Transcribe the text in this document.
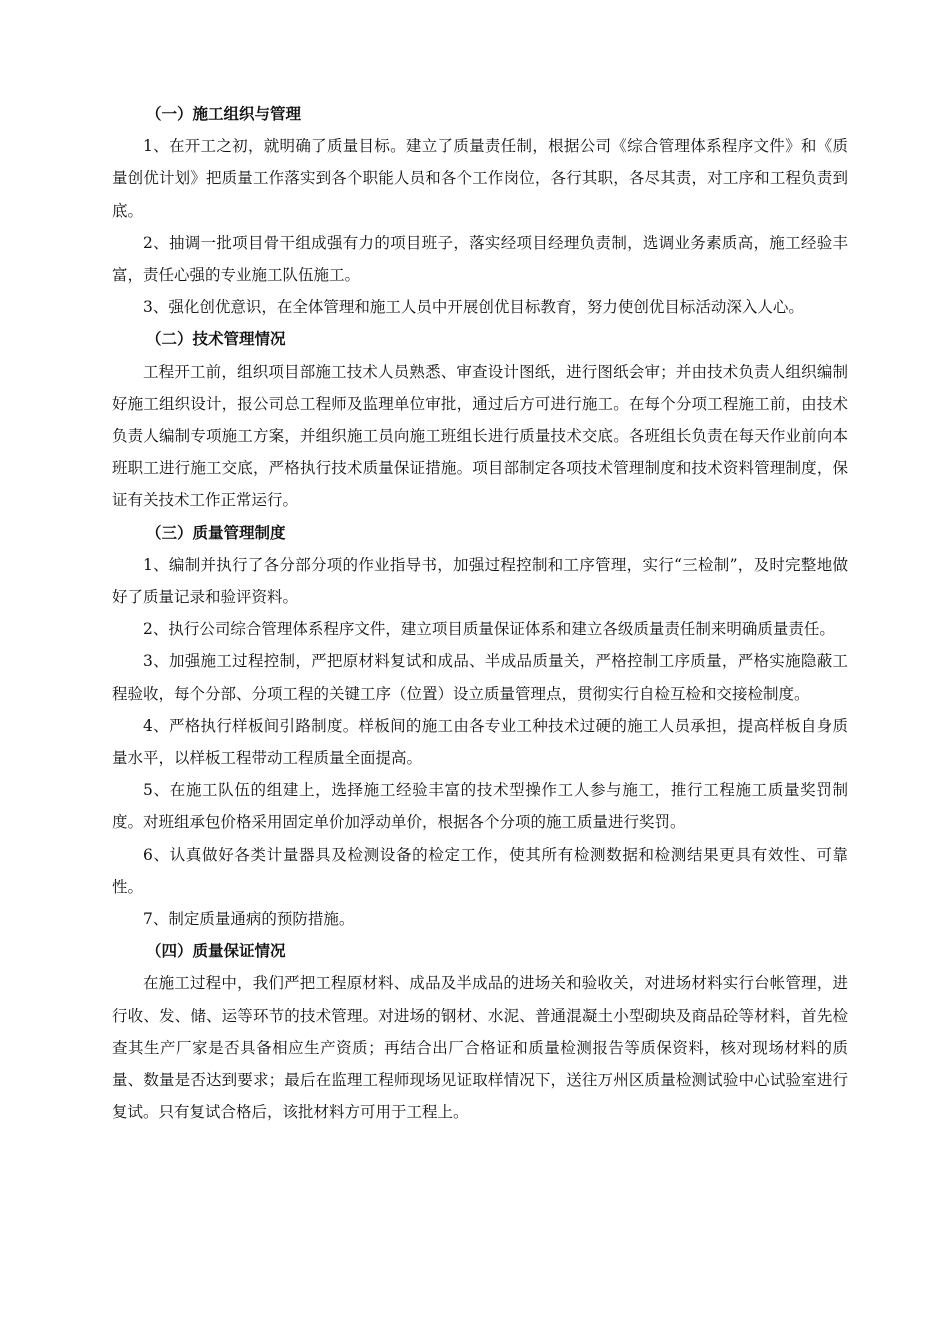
（一）施工组织与管理

1、在开工之初，就明确了质量目标。建立了质量责任制，根据公司《综合管理体系程序文件》和《质量创优计划》把质量工作落实到各个职能人员和各个工作岗位，各行其职，各尽其责，对工序和工程负责到底。

2、抽调一批项目骨干组成强有力的项目班子，落实经项目经理负责制，选调业务素质高，施工经验丰富，责任心强的专业施工队伍施工。

3、强化创优意识，在全体管理和施工人员中开展创优目标教育，努力使创优目标活动深入人心。

（二）技术管理情况

工程开工前，组织项目部施工技术人员熟悉、审查设计图纸，进行图纸会审；并由技术负责人组织编制好施工组织设计，报公司总工程师及监理单位审批，通过后方可进行施工。在每个分项工程施工前，由技术负责人编制专项施工方案，并组织施工员向施工班组长进行质量技术交底。各班组长负责在每天作业前向本班职工进行施工交底，严格执行技术质量保证措施。项目部制定各项技术管理制度和技术资料管理制度，保证有关技术工作正常运行。

（三）质量管理制度

1、编制并执行了各分部分项的作业指导书，加强过程控制和工序管理，实行“三检制”，及时完整地做好了质量记录和验评资料。

2、执行公司综合管理体系程序文件，建立项目质量保证体系和建立各级质量责任制来明确质量责任。

3、加强施工过程控制，严把原材料复试和成品、半成品质量关，严格控制工序质量，严格实施隐蔽工程验收，每个分部、分项工程的关键工序（位置）设立质量管理点，贯彻实行自检互检和交接检制度。

4、严格执行样板间引路制度。样板间的施工由各专业工种技术过硬的施工人员承担，提高样板自身质量水平，以样板工程带动工程质量全面提高。

5、在施工队伍的组建上，选择施工经验丰富的技术型操作工人参与施工，推行工程施工质量奖罚制度。对班组承包价格采用固定单价加浮动单价，根据各个分项的施工质量进行奖罚。

6、认真做好各类计量器具及检测设备的检定工作，使其所有检测数据和检测结果更具有效性、可靠性。

7、制定质量通病的预防措施。

（四）质量保证情况

在施工过程中，我们严把工程原材料、成品及半成品的进场关和验收关，对进场材料实行台帐管理，进行收、发、储、运等环节的技术管理。对进场的钢材、水泥、普通混凝土小型砌块及商品砼等材料，首先检查其生产厂家是否具备相应生产资质；再结合出厂合格证和质量检测报告等质保资料，核对现场材料的质量、数量是否达到要求；最后在监理工程师现场见证取样情况下，送往万州区质量检测试验中心试验室进行复试。只有复试合格后，该批材料方可用于工程上。
